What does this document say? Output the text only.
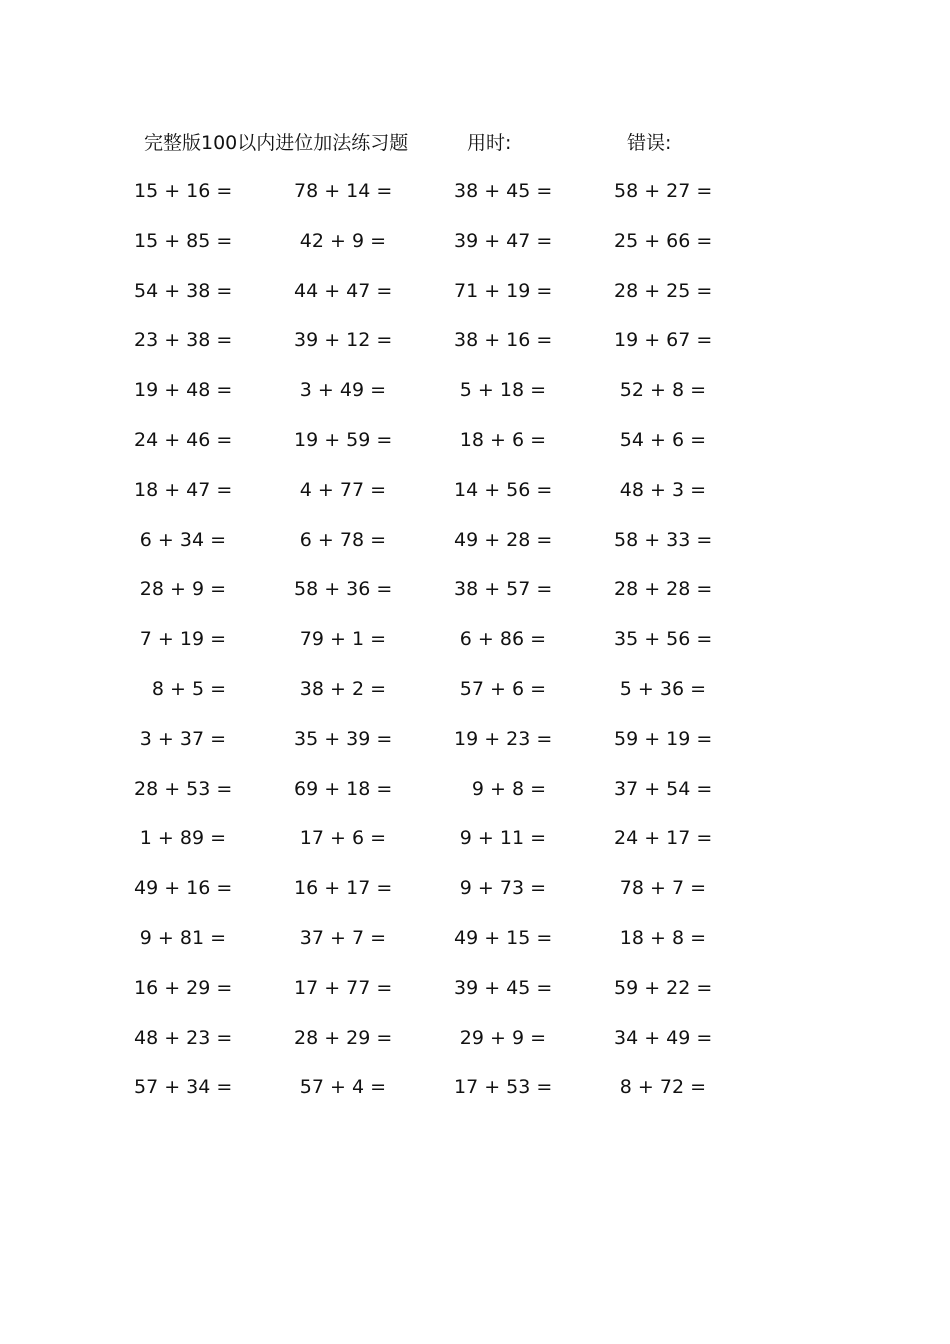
完整版100以内进位加法练习题	用时:	错误:
15 + 16 =	78 + 14 =	38 + 45 =	58 + 27 =
15 + 85 =	42 + 9 =	39 + 47 =	25 + 66 =
54 + 38 =	44 + 47 =	71 + 19 =	28 + 25 =
23 + 38 =	39 + 12 =	38 + 16 =	19 + 67 =
19 + 48 =	3 + 49 =	5 + 18 =	52 + 8 =
24 + 46 =	19 + 59 =	18 + 6 =	54 + 6 =
18 + 47 =	4 + 77 =	14 + 56 =	48 + 3 =
6 + 34 =	6 + 78 =	49 + 28 =	58 + 33 =
28 + 9 =	58 + 36 =	38 + 57 =	28 + 28 =
7 + 19 =	79 + 1 =	6 + 86 =	35 + 56 =
8 + 5 =	38 + 2 =	57 + 6 =	5 + 36 =
3 + 37 =	35 + 39 =	19 + 23 =	59 + 19 =
28 + 53 =	69 + 18 =	9 + 8 =	37 + 54 =
1 + 89 =	17 + 6 =	9 + 11 =	24 + 17 =
49 + 16 =	16 + 17 =	9 + 73 =	78 + 7 =
9 + 81 =	37 + 7 =	49 + 15 =	18 + 8 =
16 + 29 =	17 + 77 =	39 + 45 =	59 + 22 =
48 + 23 =	28 + 29 =	29 + 9 =	34 + 49 =
57 + 34 =	57 + 4 =	17 + 53 =	8 + 72 =
